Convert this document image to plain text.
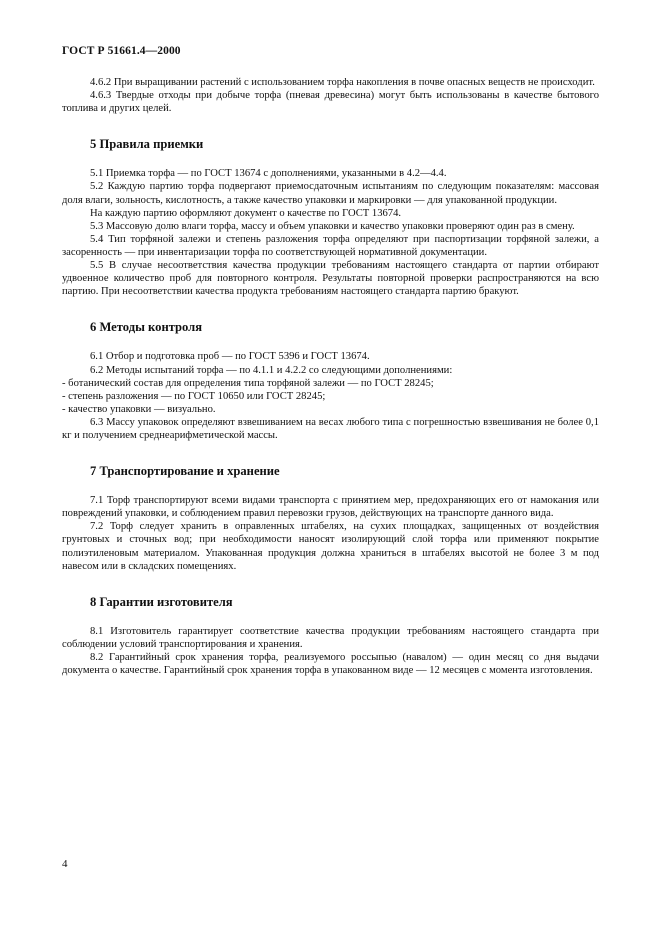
ГОСТ Р 51661.4—2000

4.6.2 При выращивании растений с использованием торфа накопления в почве опасных веществ не происходит.

4.6.3 Твердые отходы при добыче торфа (пневая древесина) могут быть использованы в качестве бытового топлива и других целей.

5 Правила приемки

5.1 Приемка торфа — по ГОСТ 13674 с дополнениями, указанными в 4.2—4.4.

5.2 Каждую партию торфа подвергают приемосдаточным испытаниям по следующим показателям: массовая доля влаги, зольность, кислотность, а также качество упаковки и маркировки — для упакованной продукции.

На каждую партию оформляют документ о качестве по ГОСТ 13674.

5.3 Массовую долю влаги торфа, массу и объем упаковки и качество упаковки проверяют один раз в смену.

5.4 Тип торфяной залежи и степень разложения торфа определяют при паспортизации торфяной залежи, а засоренность — при инвентаризации торфа по соответствующей нормативной документации.

5.5 В случае несоответствия качества продукции требованиям настоящего стандарта от партии отбирают удвоенное количество проб для повторного контроля. Результаты повторной проверки распространяются на всю партию. При несоответствии качества продукта требованиям настоящего стандарта партию бракуют.

6 Методы контроля

6.1 Отбор и подготовка проб — по ГОСТ 5396 и ГОСТ 13674.

6.2 Методы испытаний торфа — по 4.1.1 и 4.2.2 со следующими дополнениями:

- ботанический состав для определения типа торфяной залежи — по ГОСТ 28245;

- степень разложения — по ГОСТ 10650 или ГОСТ 28245;

- качество упаковки — визуально.

6.3 Массу упаковок определяют взвешиванием на весах любого типа с погрешностью взвешивания не более 0,1 кг и получением среднеарифметической массы.

7 Транспортирование и хранение

7.1 Торф транспортируют всеми видами транспорта с принятием мер, предохраняющих его от намокания или повреждений упаковки, и соблюдением правил перевозки грузов, действующих на транспорте данного вида.

7.2 Торф следует хранить в оправленных штабелях, на сухих площадках, защищенных от воздействия грунтовых и сточных вод; при необходимости наносят изолирующий слой торфа или применяют покрытие полиэтиленовым материалом. Упакованная продукция должна храниться в штабелях высотой не более 3 м под навесом или в складских помещениях.

8 Гарантии изготовителя

8.1 Изготовитель гарантирует соответствие качества продукции требованиям настоящего стандарта при соблюдении условий транспортирования и хранения.

8.2 Гарантийный срок хранения торфа, реализуемого россыпью (навалом) — один месяц со дня выдачи документа о качестве. Гарантийный срок хранения торфа в упакованном виде — 12 месяцев с момента изготовления.

4
